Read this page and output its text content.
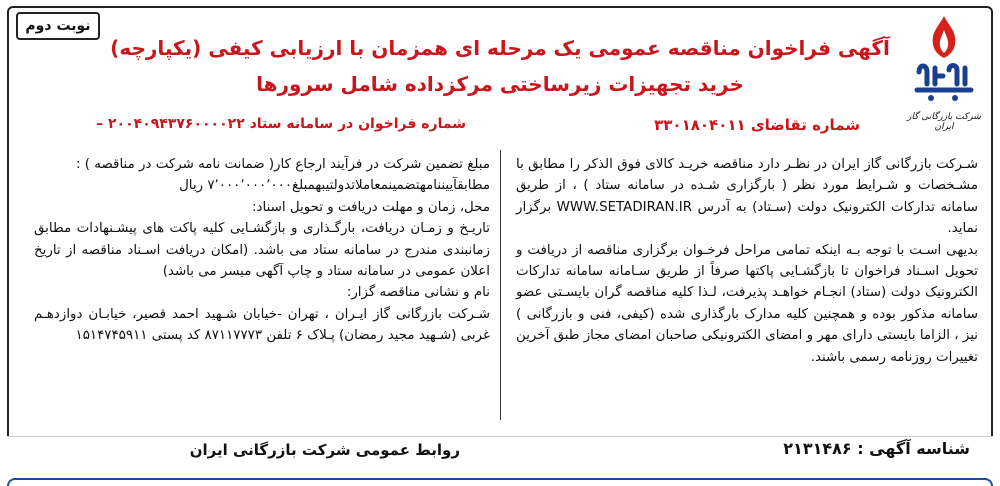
نوبت دوم
شرکت بازرگانی گاز ایران
آگهی فراخوان مناقصه عمومی یک مرحله ای همزمان با ارزیابی کیفی (یکپارچه)
خرید تجهیزات زیرساختی مرکزداده شامل سرورها
شماره تقاضای ۳۳۰۱۸۰۴۰۱۱
شماره فراخوان در سامانه ستاد ۲۰۰۴۰۹۴۳۷۶۰۰۰۰۲۲ –

شـرکت بازرگانی گاز ایران در نظـر دارد مناقصه خریـد کالای فوق الذکر را مطابق با مشـخصات و شـرایط مورد نظر ( بارگزاری شـده در سامانه ستاد ) ، از طریق سامانه تدارکات الکترونیک دولت (سـتاد) به آدرس WWW.SETADIRAN.IR برگزار نماید.

بدیهی اسـت با توجه بـه اینکه تمامی مراحل فرخـوان برگزاری مناقصه از دریافت و تحویل اسـناد فراخوان تا بازگشـایی پاکتها صرفاً از طریق سـامانه سامانه تدارکات الکترونیک دولت (ستاد) انجـام خواهـد پذیرفت، لـذا کلیه مناقصه گران بایسـتی عضو سامانه مذکور بوده و همچنین کلیه مدارک بارگذاری شده (کیفی، فنی و بازرگانی ) نیز ، الزاما بایستی دارای مهر و امضای الکترونیکی صاحبان امضای مجاز طبق آخرین تغییرات روزنامه رسمی باشند.

مبلغ تضمین شرکت در فرآیند ارجاع کار( ضمانت نامه شرکت در مناقصه ) :

مطابقآییننامهتضمینمعاملاتدولتیبهمبلغ۷٬۰۰۰٬۰۰۰٬۰۰۰ ریال

محل، زمان و مهلت دریافت و تحویل اسناد:

تاریـخ و زمـان دریافت، بارگـذاری و بازگشـایی کلیه پاکت های پیشـنهادات مطابق زمانبندی مندرج در سامانه ستاد می باشد. (امکان دریافت اسـناد مناقصه از تاریخ اعلان عمومی در سامانه ستاد و چاپ آگهی میسر می باشد)

نام و نشانی مناقصه گزار:

شـرکت بازرگانی گاز ایـران ، تهران -خیابان شـهید احمد قصیر، خیابـان دوازدهـم غربی (شـهید مجید رمضان) پـلاک ۶ تلفن ۸۷۱۱۷۷۷۳ کد پستی ۱۵۱۴۷۴۵۹۱۱

شناسه آگهی : ۲۱۳۱۴۸۶
روابط عمومی شرکت بازرگانی ایران
